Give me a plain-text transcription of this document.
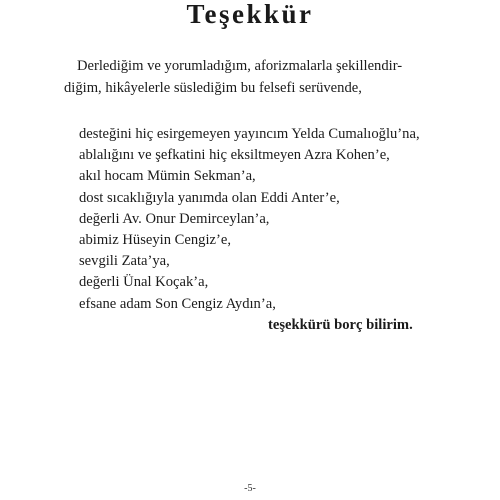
Teşekkür

Derlediğim ve yorumladığım, aforizmalarla şekillendir-
diğim, hikâyelerle süslediğim bu felsefi serüvende,

desteğini hiç esirgemeyen yayıncım Yelda Cumalıoğlu’na,
ablalığını ve şefkatini hiç eksiltmeyen Azra Kohen’e,
akıl hocam Mümin Sekman’a,
dost sıcaklığıyla yanımda olan Eddi Anter’e,
değerli Av. Onur Demirceylan’a,
abimiz Hüseyin Cengiz’e,
sevgili Zata’ya,
değerli Ünal Koçak’a,
efsane adam Son Cengiz Aydın’a,
teşekkürü borç bilirim.
-5-
